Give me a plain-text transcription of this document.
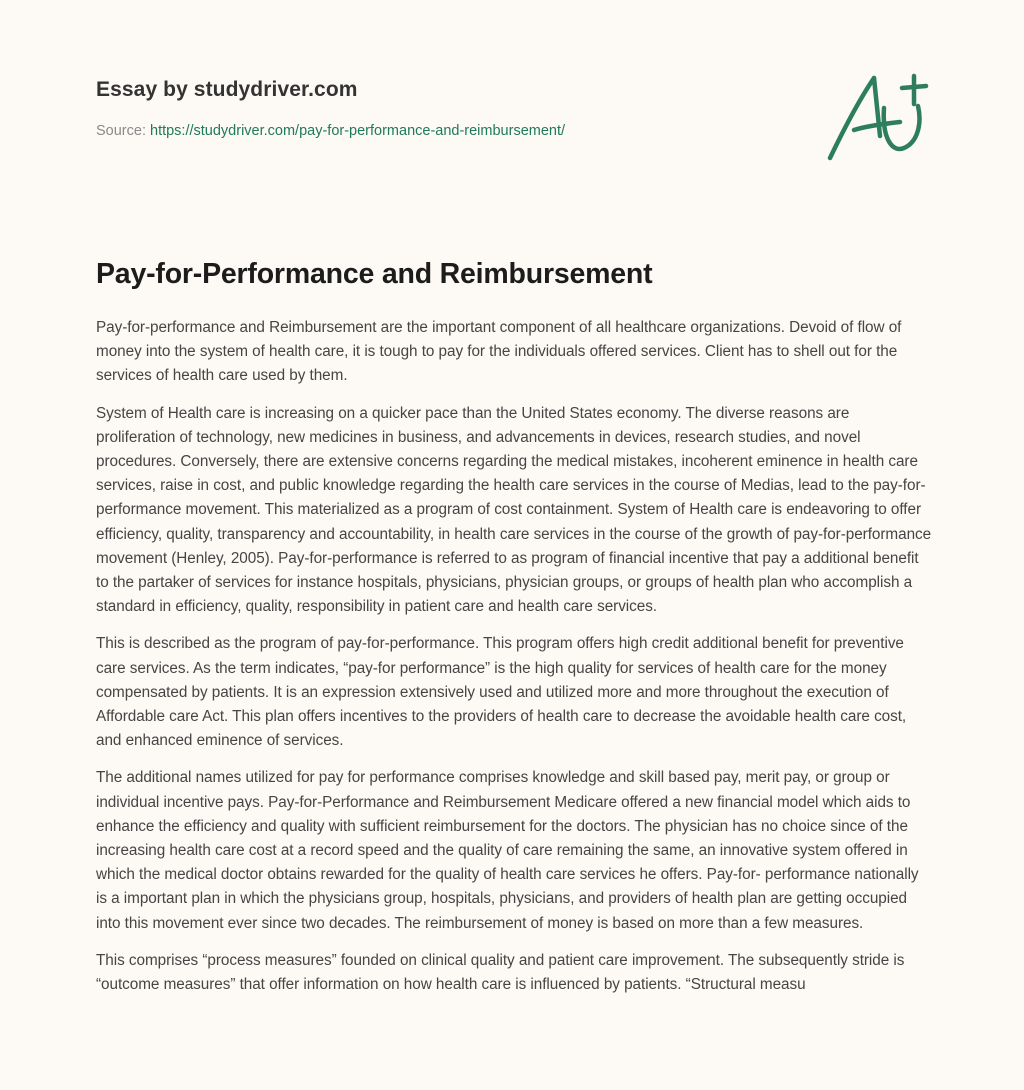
Essay by studydriver.com
Source: https://studydriver.com/pay-for-performance-and-reimbursement/
Pay-for-Performance and Reimbursement

Pay-for-performance and Reimbursement are the important component of all healthcare organizations. Devoid of flow of money into the system of health care, it is tough to pay for the individuals offered services. Client has to shell out for the services of health care used by them.

System of Health care is increasing on a quicker pace than the United States economy. The diverse reasons are proliferation of technology, new medicines in business, and advancements in devices, research studies, and novel procedures. Conversely, there are extensive concerns regarding the medical mistakes, incoherent eminence in health care services, raise in cost, and public knowledge regarding the health care services in the course of Medias, lead to the pay-for-performance movement. This materialized as a program of cost containment. System of Health care is endeavoring to offer efficiency, quality, transparency and accountability, in health care services in the course of the growth of pay-for-performance movement (Henley, 2005). Pay-for-performance is referred to as program of financial incentive that pay a additional benefit to the partaker of services for instance hospitals, physicians, physician groups, or groups of health plan who accomplish a standard in efficiency, quality, responsibility in patient care and health care services.

This is described as the program of pay-for-performance. This program offers high credit additional benefit for preventive care services. As the term indicates, “pay-for performance” is the high quality for services of health care for the money compensated by patients. It is an expression extensively used and utilized more and more throughout the execution of Affordable care Act. This plan offers incentives to the providers of health care to decrease the avoidable health care cost, and enhanced eminence of services.

The additional names utilized for pay for performance comprises knowledge and skill based pay, merit pay, or group or individual incentive pays. Pay-for-Performance and Reimbursement Medicare offered a new financial model which aids to enhance the efficiency and quality with sufficient reimbursement for the doctors. The physician has no choice since of the increasing health care cost at a record speed and the quality of care remaining the same, an innovative system offered in which the medical doctor obtains rewarded for the quality of health care services he offers. Pay-for- performance nationally is a important plan in which the physicians group, hospitals, physicians, and providers of health plan are getting occupied into this movement ever since two decades. The reimbursement of money is based on more than a few measures.

This comprises “process measures” founded on clinical quality and patient care improvement. The subsequently stride is “outcome measures” that offer information on how health care is influenced by patients. “Structural measu
